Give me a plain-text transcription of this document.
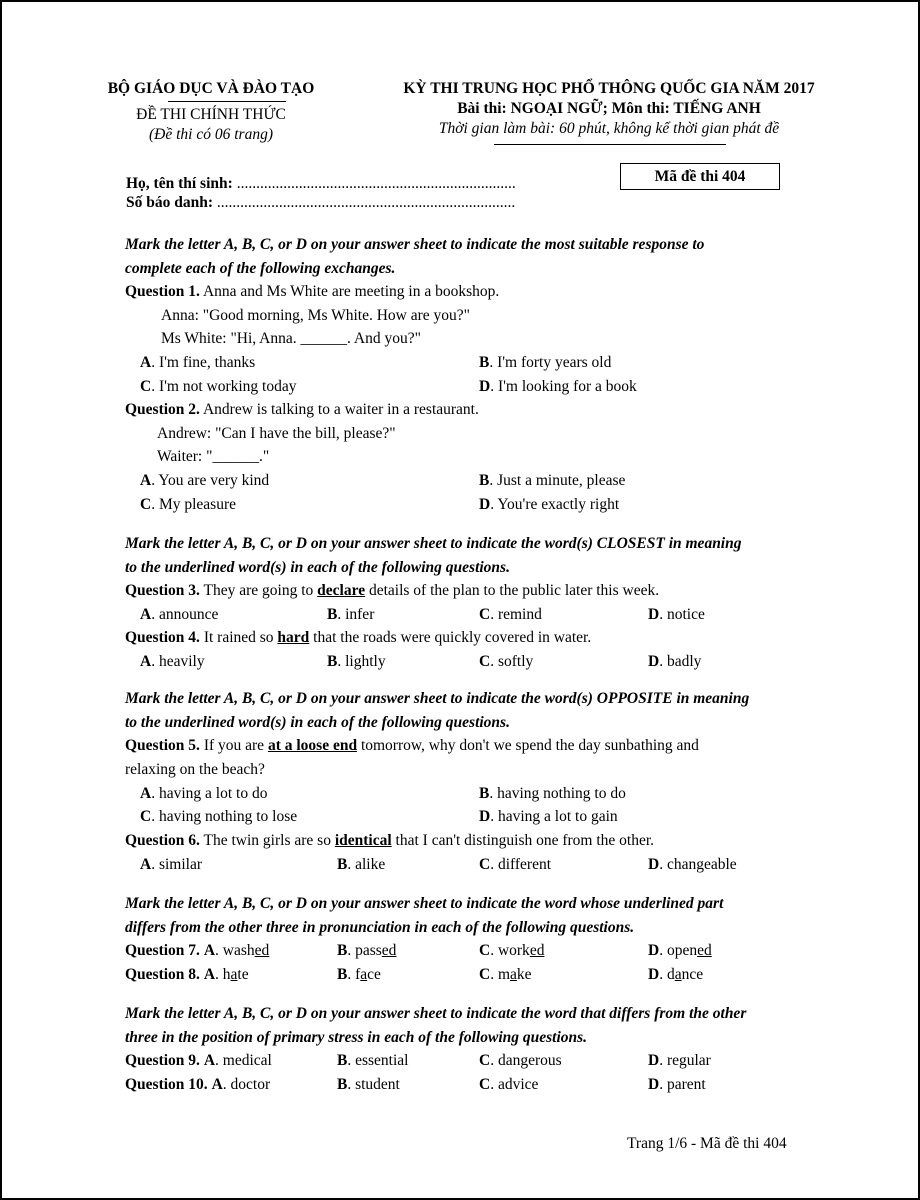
BỘ GIÁO DỤC VÀ ĐÀO TẠO
ĐỀ THI CHÍNH THỨC
(Đề thi có 06 trang)
KỲ THI TRUNG HỌC PHỔ THÔNG QUỐC GIA NĂM 2017
Bài thi: NGOẠI NGỮ; Môn thi: TIẾNG ANH
Thời gian làm bài: 60 phút, không kể thời gian phát đề
Mã đề thi 404
Họ, tên thí sinh: ........................................................................
Số báo danh: .............................................................................
Mark the letter A, B, C, or D on your answer sheet to indicate the most suitable response to
complete each of the following exchanges.
Question 1. Anna and Ms White are meeting in a bookshop.
Anna: "Good morning, Ms White. How are you?"
Ms White: "Hi, Anna. ______. And you?"
A. I'm fine, thanks	B. I'm forty years old
C. I'm not working today	D. I'm looking for a book
Question 2. Andrew is talking to a waiter in a restaurant.
Andrew: "Can I have the bill, please?"
Waiter: "______."
A. You are very kind	B. Just a minute, please
C. My pleasure	D. You're exactly right
Mark the letter A, B, C, or D on your answer sheet to indicate the word(s) CLOSEST in meaning
to the underlined word(s) in each of the following questions.
Question 3. They are going to declare details of the plan to the public later this week.
A. announce	B. infer	C. remind	D. notice
Question 4. It rained so hard that the roads were quickly covered in water.
A. heavily	B. lightly	C. softly	D. badly
Mark the letter A, B, C, or D on your answer sheet to indicate the word(s) OPPOSITE in meaning
to the underlined word(s) in each of the following questions.
Question 5. If you are at a loose end tomorrow, why don't we spend the day sunbathing and
relaxing on the beach?
A. having a lot to do	B. having nothing to do
C. having nothing to lose	D. having a lot to gain
Question 6. The twin girls are so identical that I can't distinguish one from the other.
A. similar	B. alike	C. different	D. changeable
Mark the letter A, B, C, or D on your answer sheet to indicate the word whose underlined part
differs from the other three in pronunciation in each of the following questions.
Question 7. A. washed	B. passed	C. worked	D. opened
Question 8. A. hate	B. face	C. make	D. dance
Mark the letter A, B, C, or D on your answer sheet to indicate the word that differs from the other
three in the position of primary stress in each of the following questions.
Question 9. A. medical	B. essential	C. dangerous	D. regular
Question 10. A. doctor	B. student	C. advice	D. parent
Trang 1/6 - Mã đề thi 404
